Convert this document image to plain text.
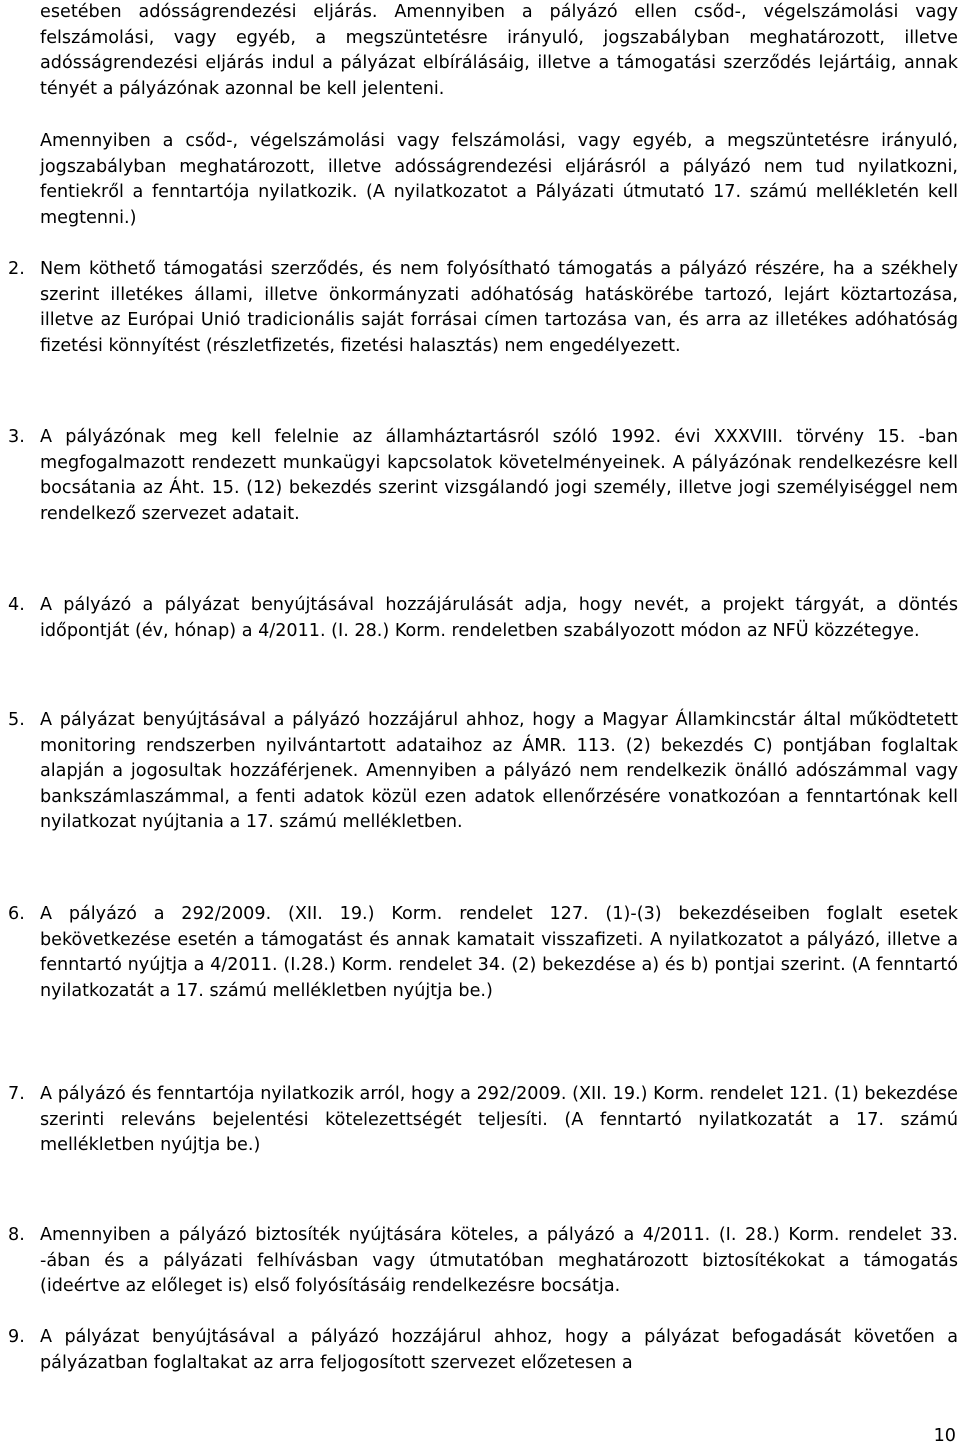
esetében adósságrendezési eljárás. Amennyiben a pályázó ellen csőd-, végelszámolási vagy felszámolási, vagy egyéb, a megszüntetésre irányuló, jogszabályban meghatározott, illetve adósságrendezési eljárás indul a pályázat elbírálásáig, illetve a támogatási szerződés lejártáig, annak tényét a pályázónak azonnal be kell jelenteni.

Amennyiben a csőd-, végelszámolási vagy felszámolási, vagy egyéb, a megszüntetésre irányuló, jogszabályban meghatározott, illetve adósságrendezési eljárásról a pályázó nem tud nyilatkozni, fentiekről a fenntartója nyilatkozik. (A nyilatkozatot a Pályázati útmutató 17. számú mellékletén kell megtenni.)

2. Nem köthető támogatási szerződés, és nem folyósítható támogatás a pályázó részére, ha a székhely szerint illetékes állami, illetve önkormányzati adóhatóság hatáskörébe tartozó, lejárt köztartozása, illetve az Európai Unió tradicionális saját forrásai címen tartozása van, és arra az illetékes adóhatóság fizetési könnyítést (részletfizetés, fizetési halasztás) nem engedélyezett.

3. A pályázónak meg kell felelnie az államháztartásról szóló 1992. évi XXXVIII. törvény 15. -ban megfogalmazott rendezett munkaügyi kapcsolatok követelményeinek. A pályázónak rendelkezésre kell bocsátania az Áht. 15. (12) bekezdés szerint vizsgálandó jogi személy, illetve jogi személyiséggel nem rendelkező szervezet adatait.

4. A pályázó a pályázat benyújtásával hozzájárulását adja, hogy nevét, a projekt tárgyát, a döntés időpontját (év, hónap) a 4/2011. (I. 28.) Korm. rendeletben szabályozott módon az NFÜ közzétegye.

5. A pályázat benyújtásával a pályázó hozzájárul ahhoz, hogy a Magyar Államkincstár által működtetett monitoring rendszerben nyilvántartott adataihoz az ÁMR. 113. (2) bekezdés C) pontjában foglaltak alapján a jogosultak hozzáférjenek. Amennyiben a pályázó nem rendelkezik önálló adószámmal vagy bankszámlaszámmal, a fenti adatok közül ezen adatok ellenőrzésére vonatkozóan a fenntartónak kell nyilatkozat nyújtania a 17. számú mellékletben.

6. A pályázó a 292/2009. (XII. 19.) Korm. rendelet 127. (1)-(3) bekezdéseiben foglalt esetek bekövetkezése esetén a támogatást és annak kamatait visszafizeti. A nyilatkozatot a pályázó, illetve a fenntartó nyújtja a 4/2011. (I.28.) Korm. rendelet 34. (2) bekezdése a) és b) pontjai szerint. (A fenntartó nyilatkozatát a 17. számú mellékletben nyújtja be.)

7. A pályázó és fenntartója nyilatkozik arról, hogy a 292/2009. (XII. 19.) Korm. rendelet 121. (1) bekezdése szerinti releváns bejelentési kötelezettségét teljesíti. (A fenntartó nyilatkozatát a 17. számú mellékletben nyújtja be.)

8. Amennyiben a pályázó biztosíték nyújtására köteles, a pályázó a 4/2011. (I. 28.) Korm. rendelet 33. -ában és a pályázati felhívásban vagy útmutatóban meghatározott biztosítékokat a támogatás (ideértve az előleget is) első folyósításáig rendelkezésre bocsátja.

9. A pályázat benyújtásával a pályázó hozzájárul ahhoz, hogy a pályázat befogadását követően a pályázatban foglaltakat az arra feljogosított szervezet előzetesen a

10
